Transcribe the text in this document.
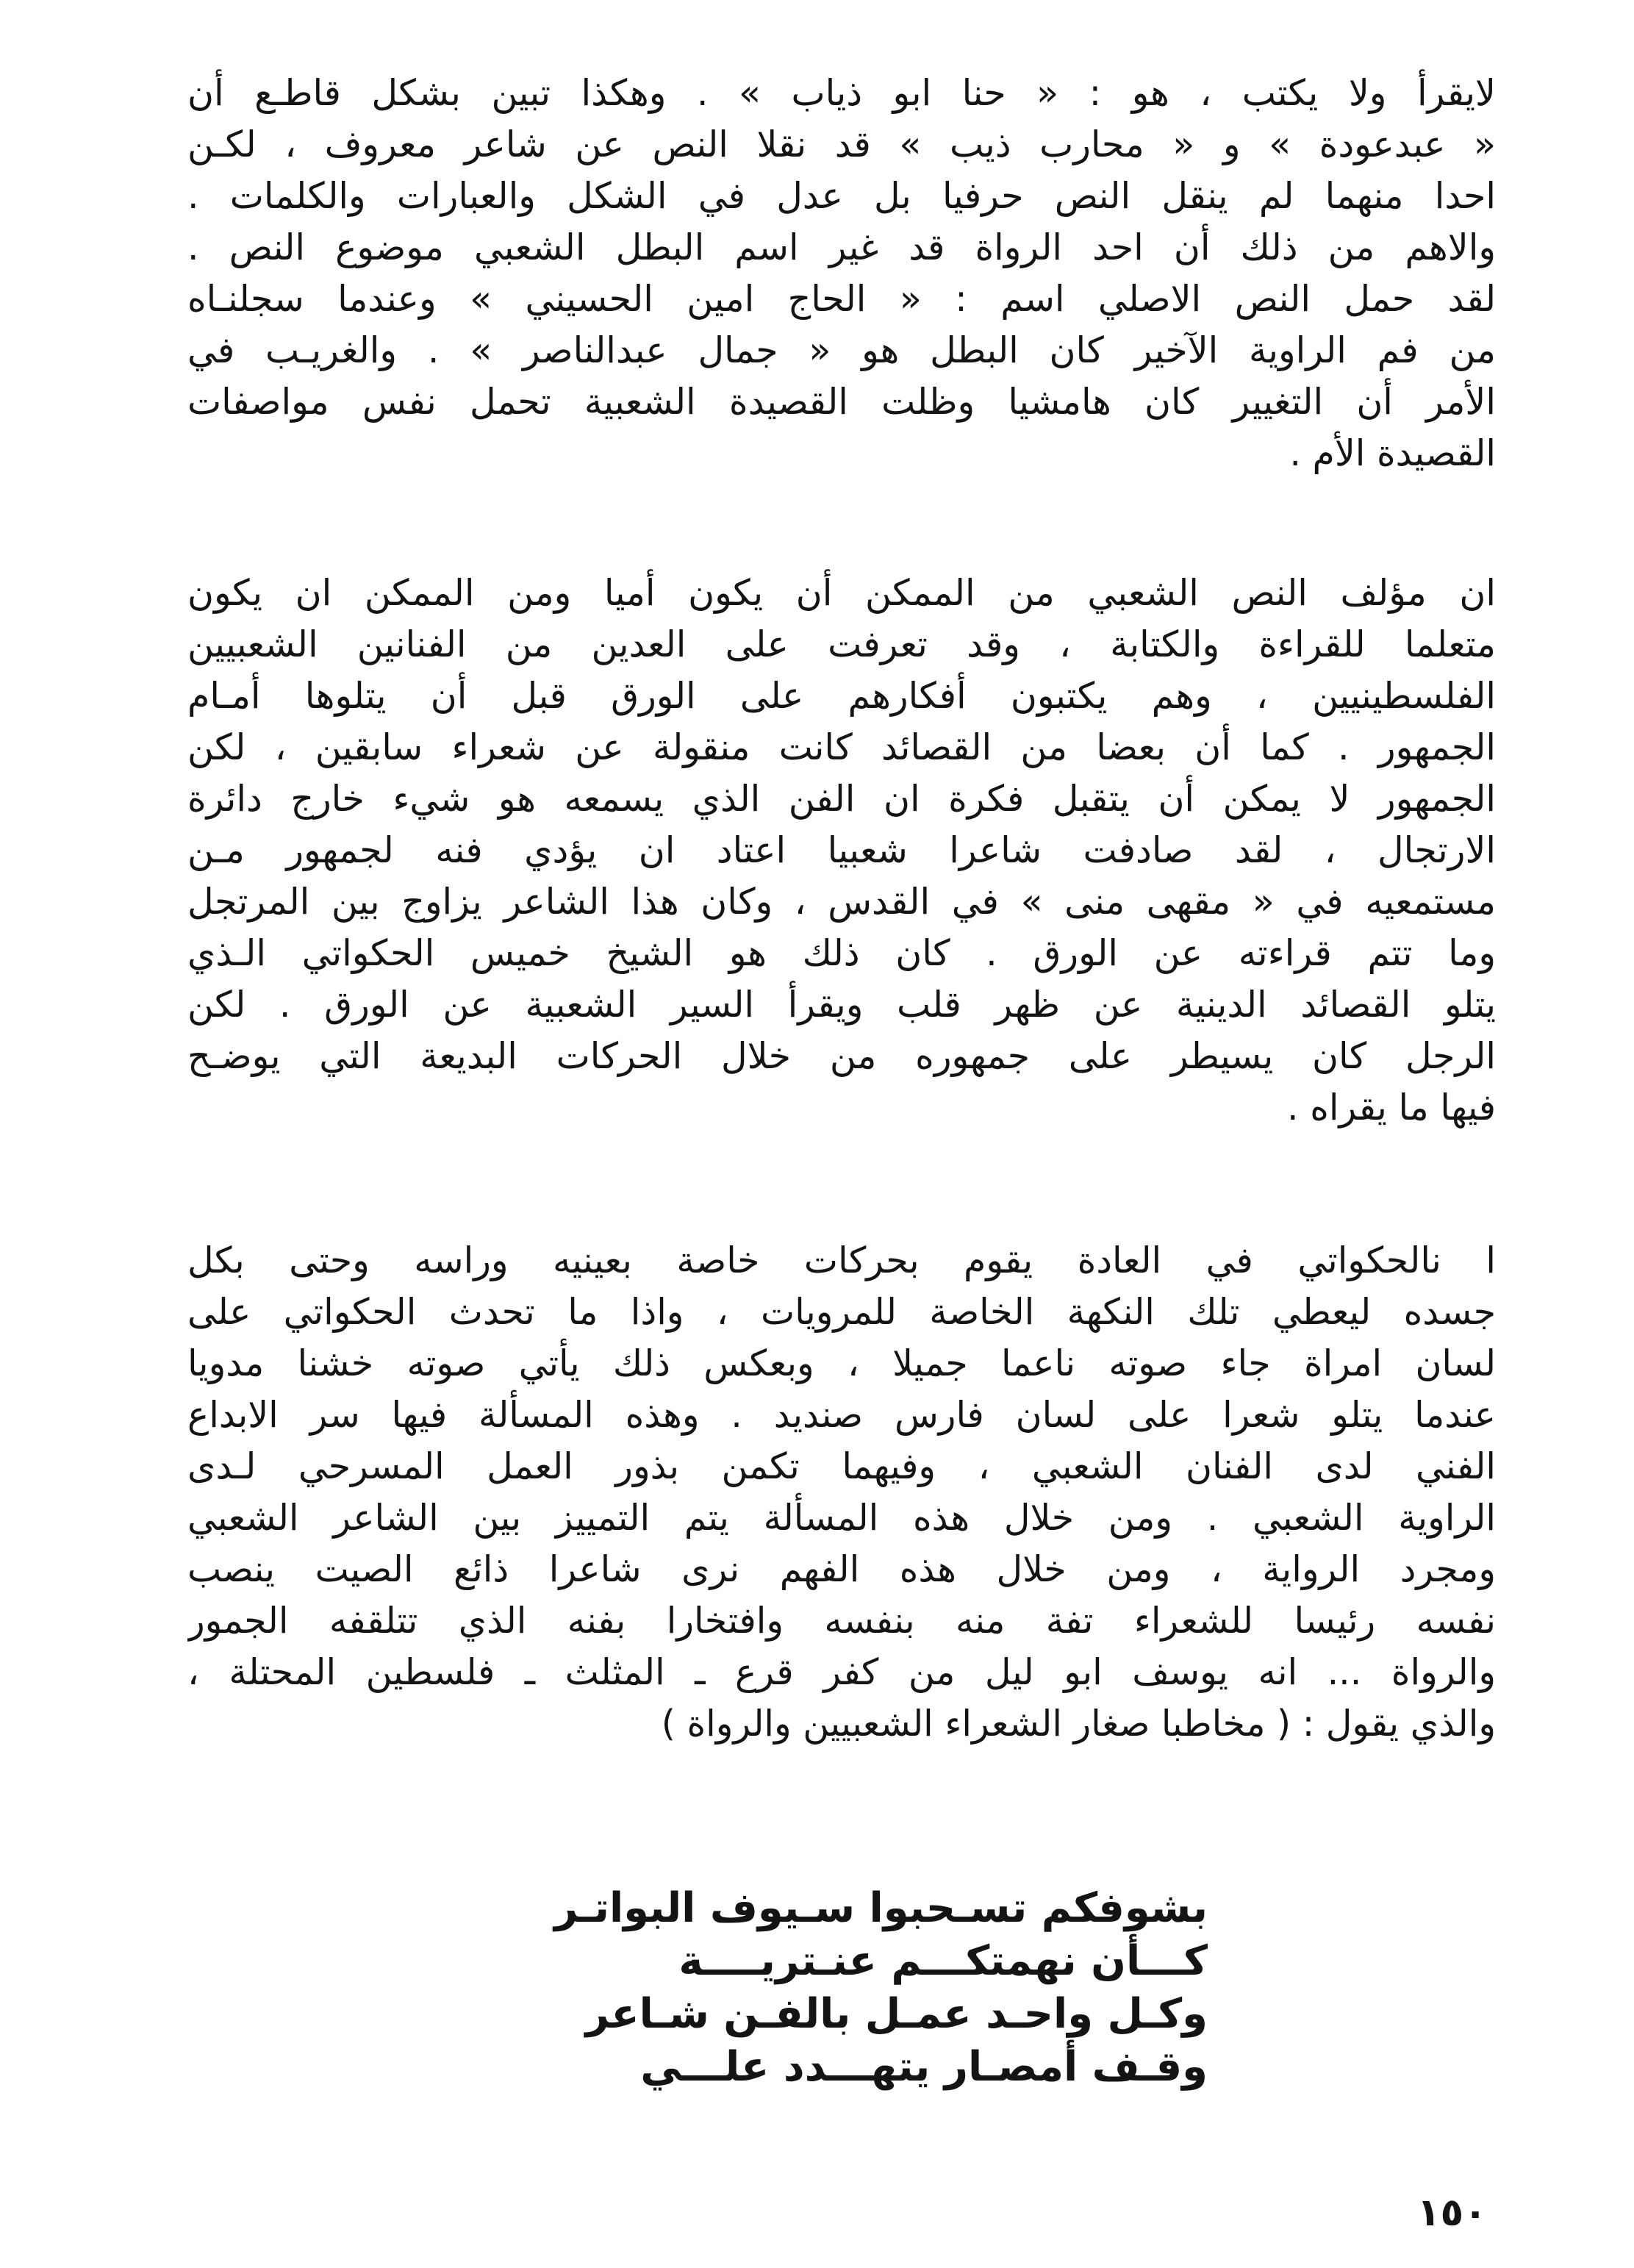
لايقرأ ولا يكتب ، هو : « حنا ابو ذياب » . وهكذا تبين بشكل قاطـع أن
« عبدعودة » و « محارب ذيب » قد نقلا النص عن شاعر معروف ، لكـن
احدا منهما لم ينقل النص حرفيا بل عدل في الشكل والعبارات والكلمات .
والاهم من ذلك أن احد الرواة قد غير اسم البطل الشعبي موضوع النص .
لقد حمل النص الاصلي اسم : « الحاج امين الحسيني » وعندما سجلنـاه
من فم الراوية الآخير كان البطل هو « جمال عبدالناصر » . والغريـب في
الأمر أن التغيير كان هامشيا وظلت القصيدة الشعبية تحمل نفس مواصفات
القصيدة الأم .
ان مؤلف النص الشعبي من الممكن أن يكون أميا ومن الممكن ان يكون
متعلما للقراءة والكتابة ، وقد تعرفت على العدين من الفنانين الشعبيين
الفلسطينيين ، وهم يكتبون أفكارهم على الورق قبل أن يتلوها أمـام
الجمهور . كما أن بعضا من القصائد كانت منقولة عن شعراء سابقين ، لكن
الجمهور لا يمكن أن يتقبل فكرة ان الفن الذي يسمعه هو شيء خارج دائرة
الارتجال ، لقد صادفت شاعرا شعبيا اعتاد ان يؤدي فنه لجمهور مـن
مستمعيه في « مقهى منى » في القدس ، وكان هذا الشاعر يزاوج بين المرتجل
وما تتم قراءته عن الورق . كان ذلك هو الشيخ خميس الحكواتي الـذي
يتلو القصائد الدينية عن ظهر قلب ويقرأ السير الشعبية عن الورق . لكن
الرجل كان يسيطر على جمهوره من خلال الحركات البديعة التي يوضـح
فيها ما يقراه .
ا نالحكواتي في العادة يقوم بحركات خاصة بعينيه وراسه وحتى بكل
جسده ليعطي تلك النكهة الخاصة للمرويات ، واذا ما تحدث الحكواتي على
لسان امراة جاء صوته ناعما جميلا ، وبعكس ذلك يأتي صوته خشنا مدويا
عندما يتلو شعرا على لسان فارس صنديد . وهذه المسألة فيها سر الابداع
الفني لدى الفنان الشعبي ، وفيهما تكمن بذور العمل المسرحي لـدى
الراوية الشعبي . ومن خلال هذه المسألة يتم التمييز بين الشاعر الشعبي
ومجرد الرواية ، ومن خلال هذه الفهم نرى شاعرا ذائع الصيت ينصب
نفسه رئيسا للشعراء تفة منه بنفسه وافتخارا بفنه الذي تتلقفه الجمور
والرواة ... انه يوسف ابو ليل من كفر قرع ـ المثلث ـ فلسطين المحتلة ،
والذي يقول : ( مخاطبا صغار الشعراء الشعبيين والرواة )
بشوفكم تسـحبوا سـيوف البواتـر
كـــأن نهمتكـــم عنـتريــــة
وكـل واحـد عمـل بالفـن شـاعر
وقـف أمصـار يتهـــدد علـــي
١٥٠
